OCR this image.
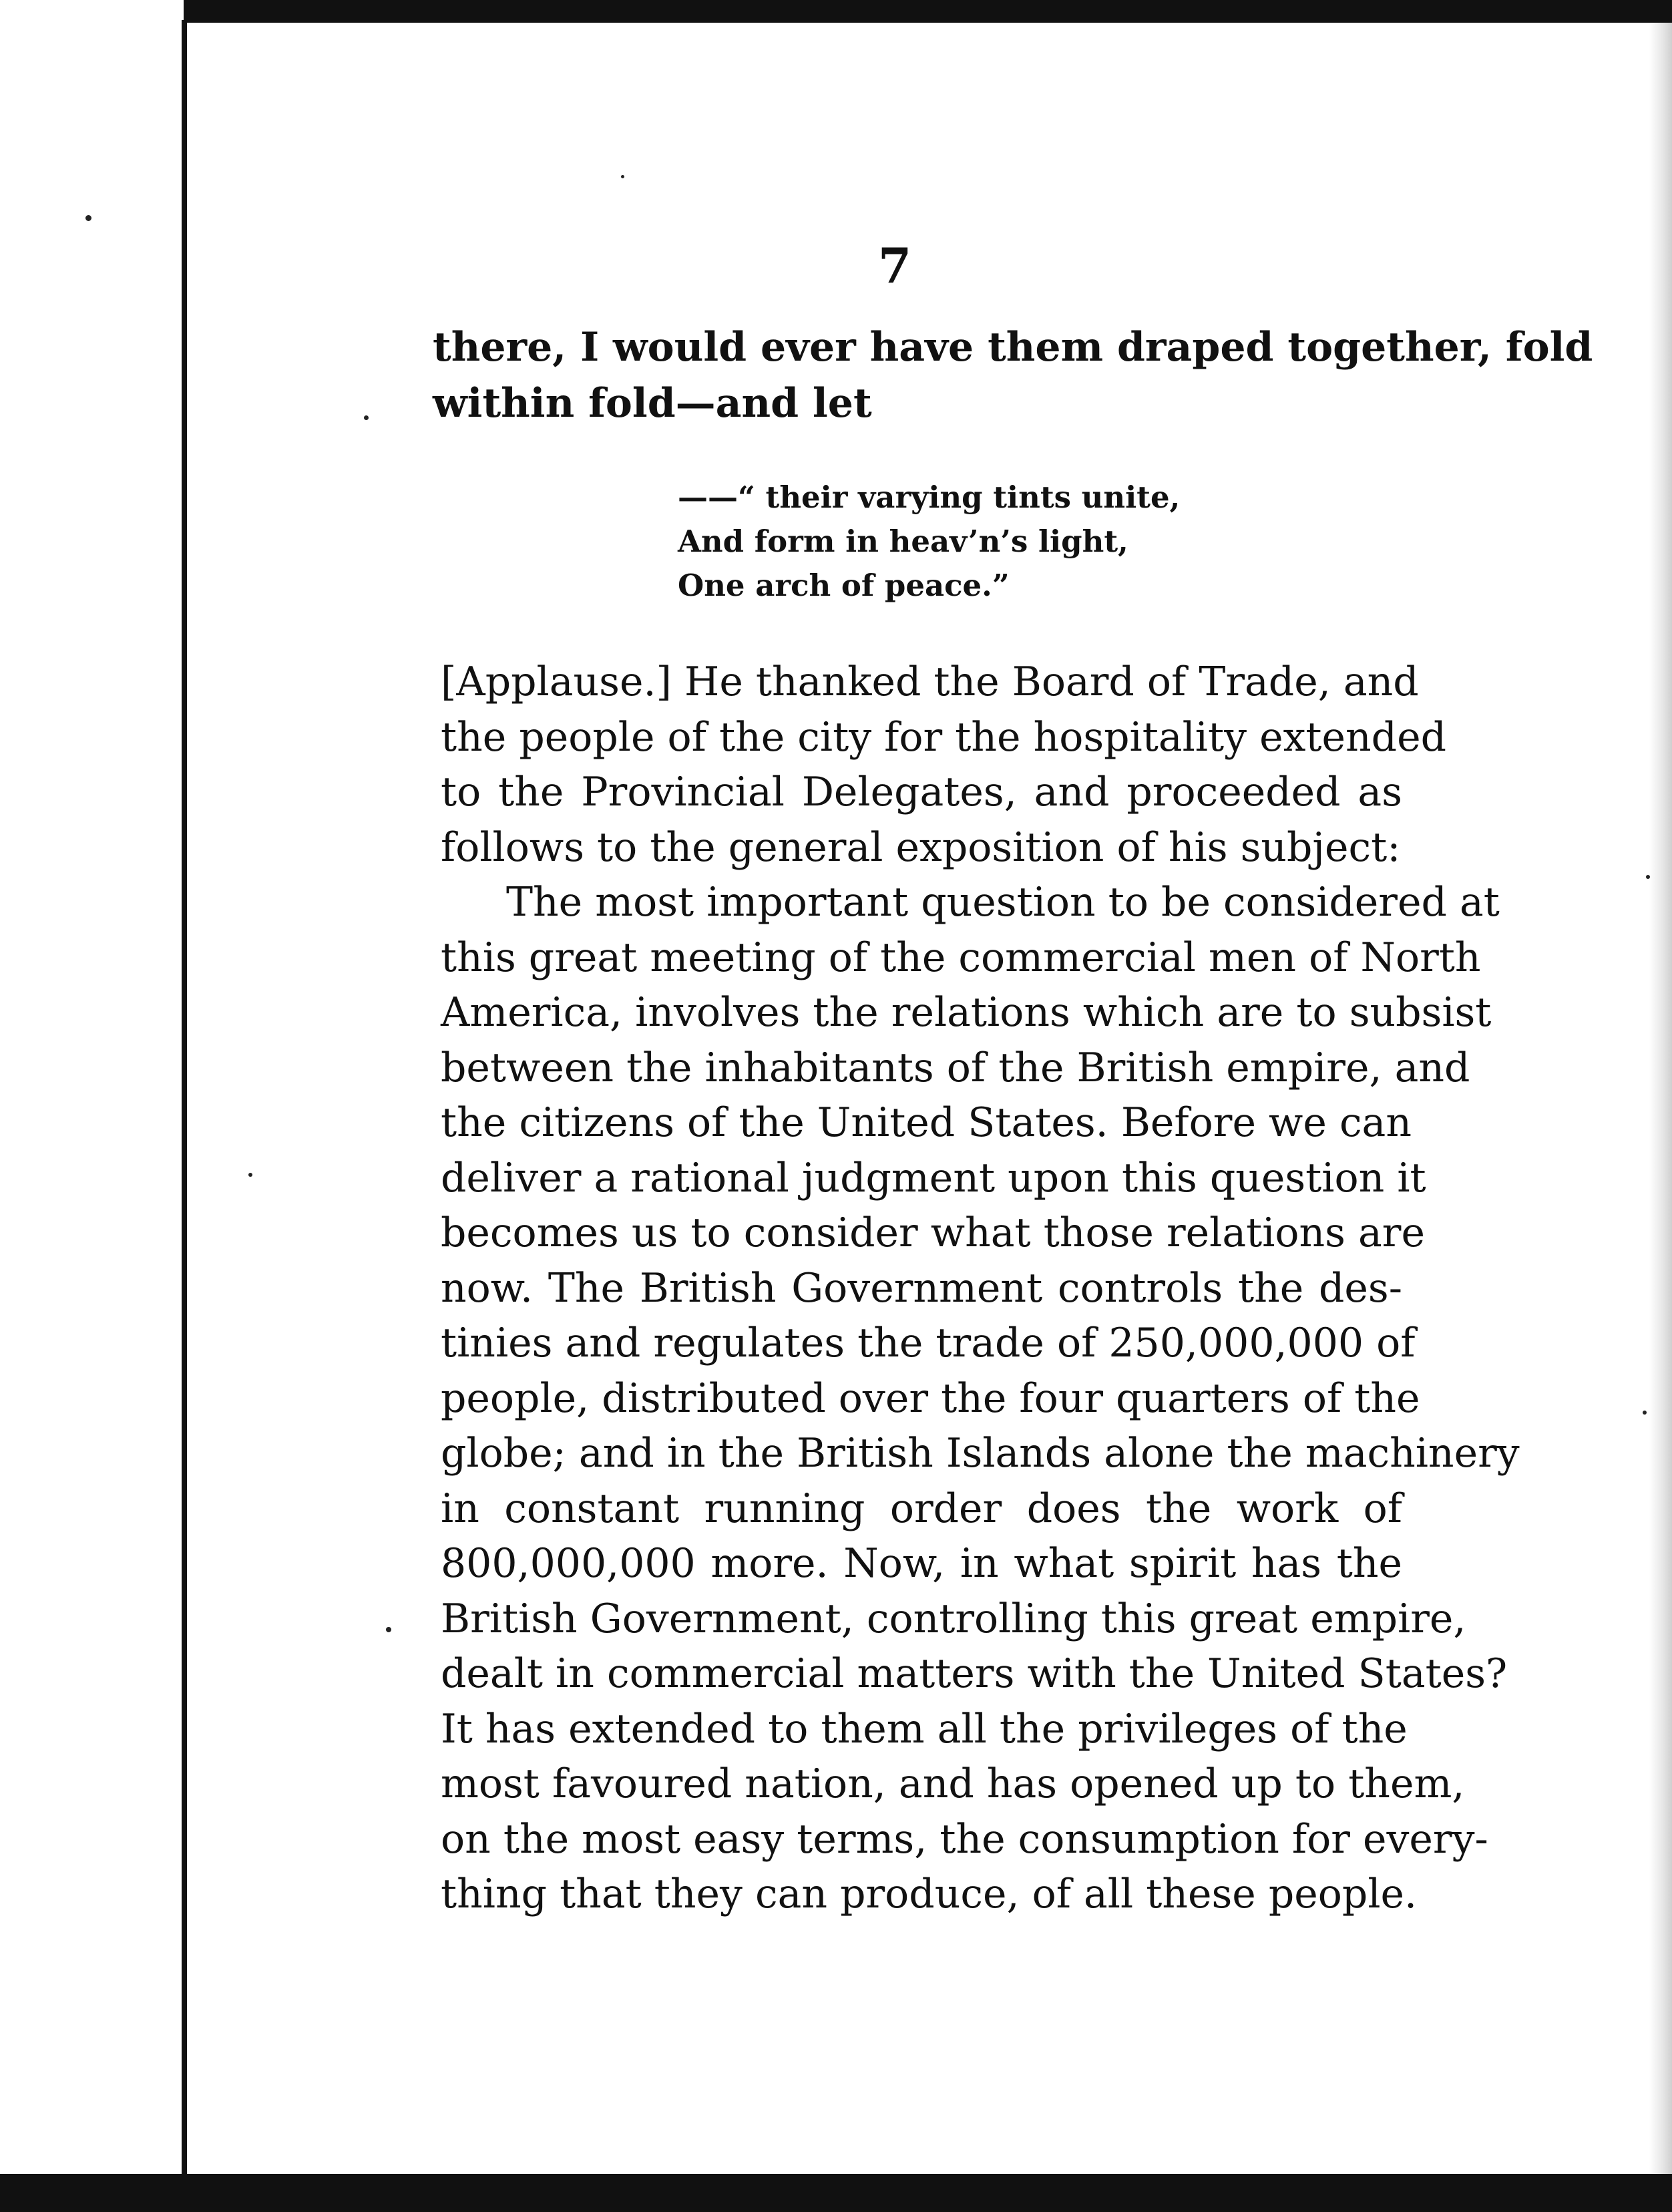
7
there, I would ever have them draped together, fold
within fold—and let
——“ their varying tints unite,
And form in heav’n’s light,
One arch of peace.”
[Applause.] He thanked the Board of Trade, and
the people of the city for the hospitality extended
to the Provincial Delegates, and proceeded as
follows to the general exposition of his subject:
The most important question to be considered at
this great meeting of the commercial men of North
America, involves the relations which are to subsist
between the inhabitants of the British empire, and
the citizens of the United States. Before we can
deliver a rational judgment upon this question it
becomes us to consider what those relations are
now. The British Government controls the des-
tinies and regulates the trade of 250,000,000 of
people, distributed over the four quarters of the
globe; and in the British Islands alone the machinery
in constant running order does the work of
800,000,000 more. Now, in what spirit has the
British Government, controlling this great empire,
dealt in commercial matters with the United States?
It has extended to them all the privileges of the
most favoured nation, and has opened up to them,
on the most easy terms, the consumption for every-
thing that they can produce, of all these people.
